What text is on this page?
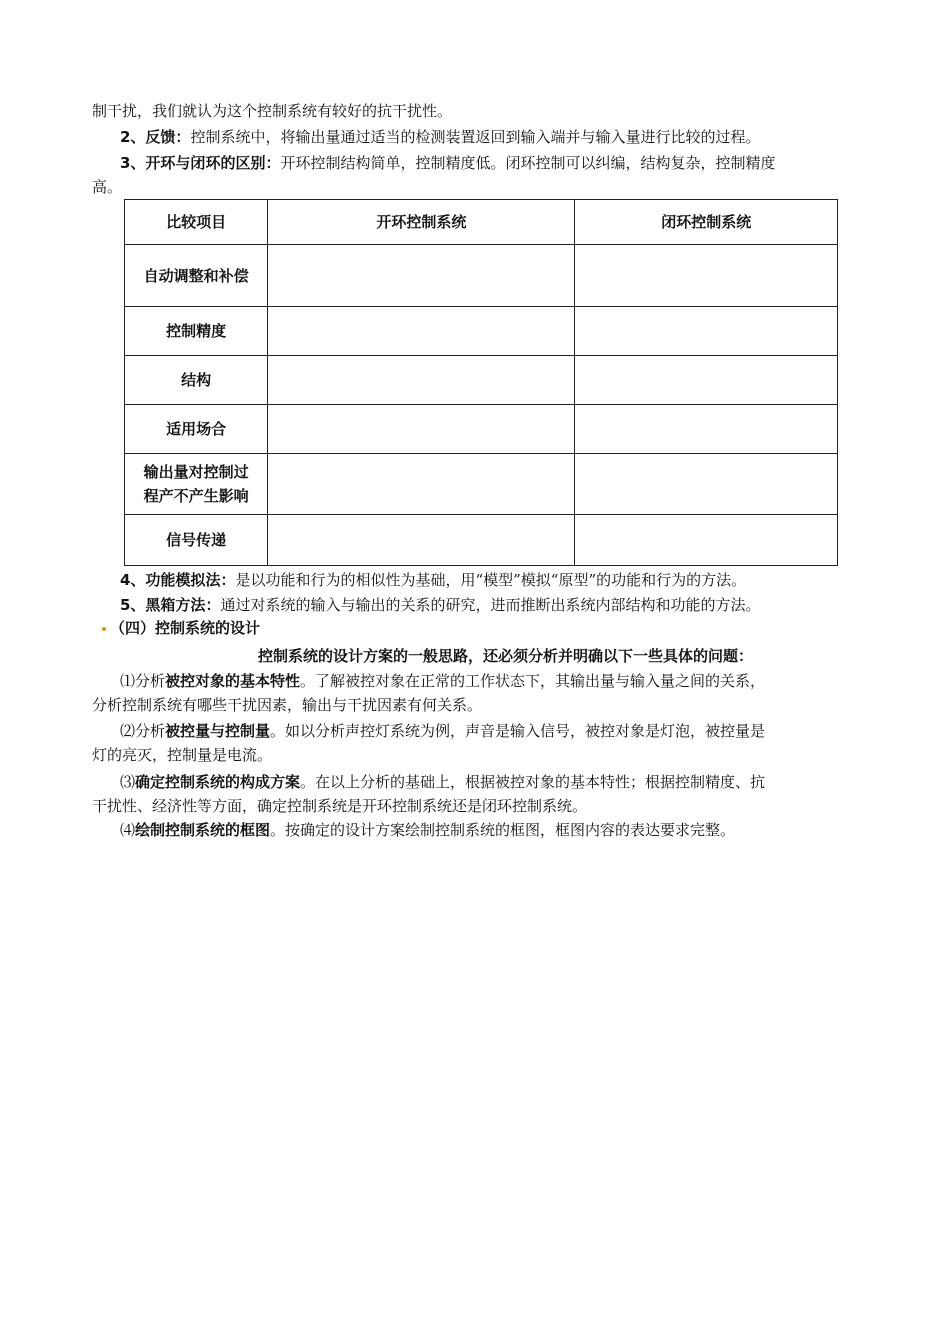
制干扰，我们就认为这个控制系统有较好的抗干扰性。
2、反馈：控制系统中，将输出量通过适当的检测装置返回到输入端并与输入量进行比较的过程。
3、开环与闭环的区别：开环控制结构简单，控制精度低。闭环控制可以纠编，结构复杂，控制精度
高。
比较项目	开环控制系统	闭环控制系统
自动调整和补偿		
控制精度		
结构		
适用场合		

输出量对控制过
程产不产生影响		

信号传递		
4、功能模拟法：是以功能和行为的相似性为基础，用“模型”模拟“原型”的功能和行为的方法。
5、黑箱方法：通过对系统的输入与输出的关系的研究，进而推断出系统内部结构和功能的方法。
（四）控制系统的设计
控制系统的设计方案的一般思路，还必须分析并明确以下一些具体的问题：
⑴分析被控对象的基本特性。了解被控对象在正常的工作状态下，其输出量与输入量之间的关系，
分析控制系统有哪些干扰因素，输出与干扰因素有何关系。
⑵分析被控量与控制量。如以分析声控灯系统为例，声音是输入信号，被控对象是灯泡，被控量是
灯的亮灭，控制量是电流。
⑶确定控制系统的构成方案。在以上分析的基础上，根据被控对象的基本特性；根据控制精度、抗
干扰性、经济性等方面，确定控制系统是开环控制系统还是闭环控制系统。
⑷绘制控制系统的框图。按确定的设计方案绘制控制系统的框图，框图内容的表达要求完整。
